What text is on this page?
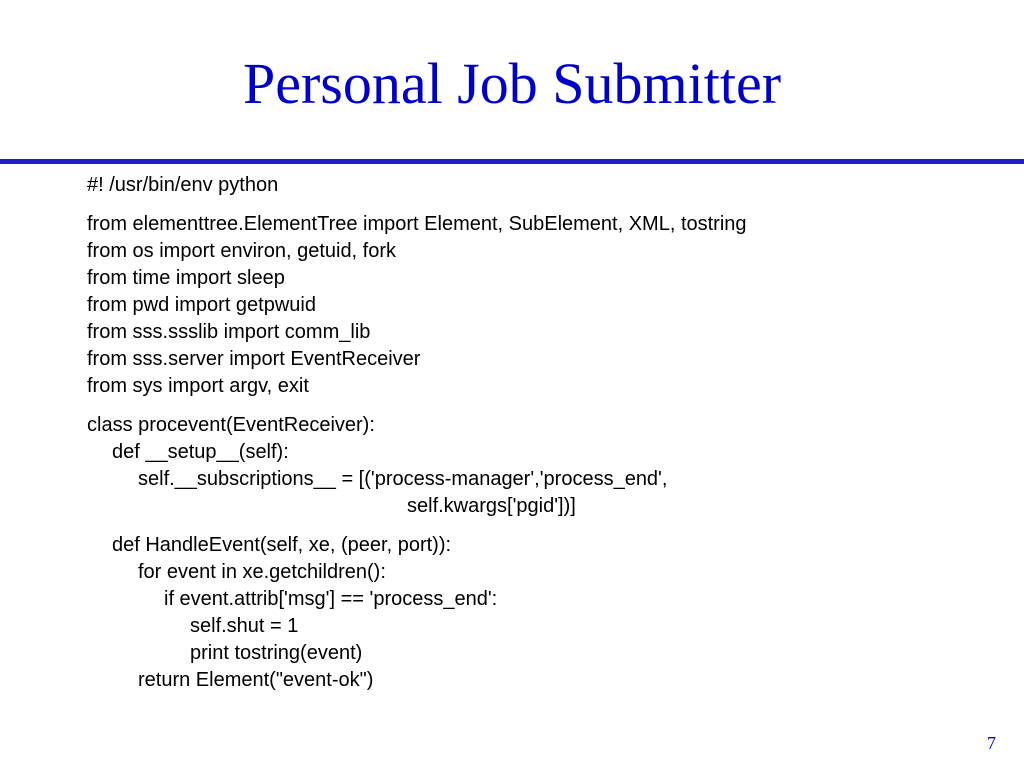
Personal Job Submitter
#! /usr/bin/env python
from elementtree.ElementTree import Element, SubElement, XML, tostring
from os import environ, getuid, fork
from time import sleep
from pwd import getpwuid
from sss.ssslib import comm_lib
from sss.server import EventReceiver
from sys import argv, exit
class procevent(EventReceiver):
def __setup__(self):
self.__subscriptions__ = [('process-manager','process_end',
self.kwargs['pgid'])]
def HandleEvent(self, xe, (peer, port)):
for event in xe.getchildren():
if event.attrib['msg'] == 'process_end':
self.shut = 1
print tostring(event)
return Element("event-ok")
7
